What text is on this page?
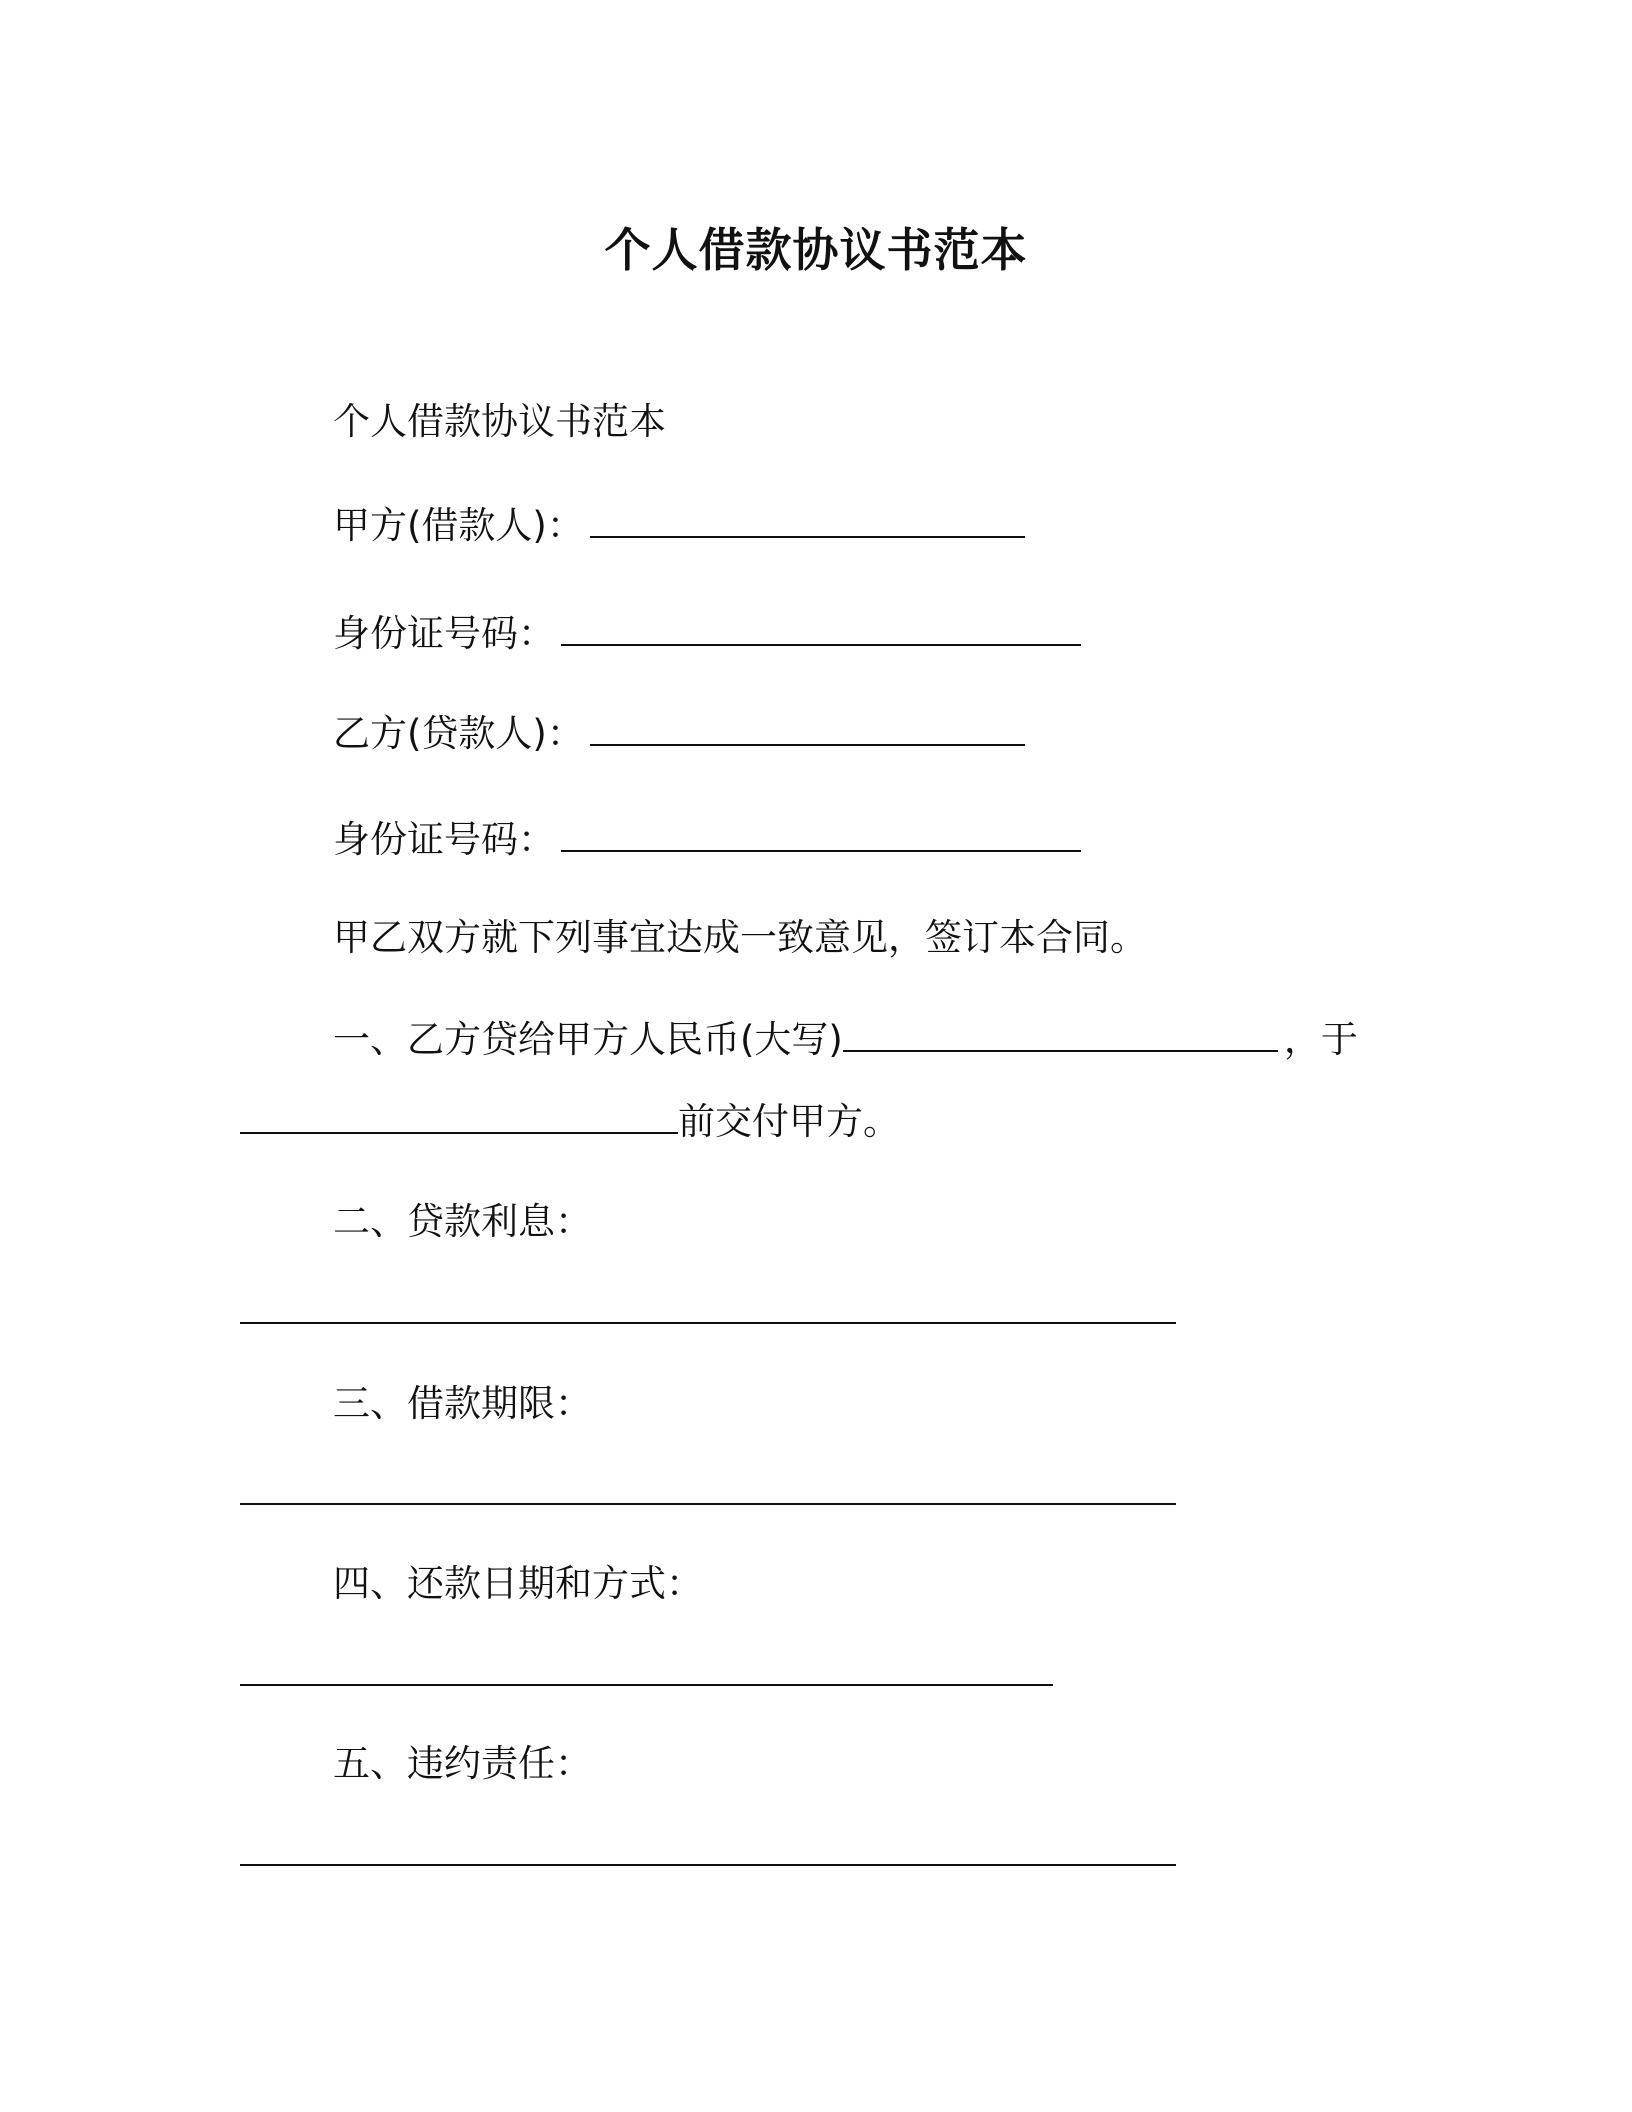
个人借款协议书范本
个人借款协议书范本
甲方(借款人)：
身份证号码：
乙方(贷款人)：
身份证号码：
甲乙双方就下列事宜达成一致意见，签订本合同。
一、乙方贷给甲方人民币(大写)	，于
前交付甲方。
二、贷款利息：
三、借款期限：
四、还款日期和方式：
五、违约责任：
